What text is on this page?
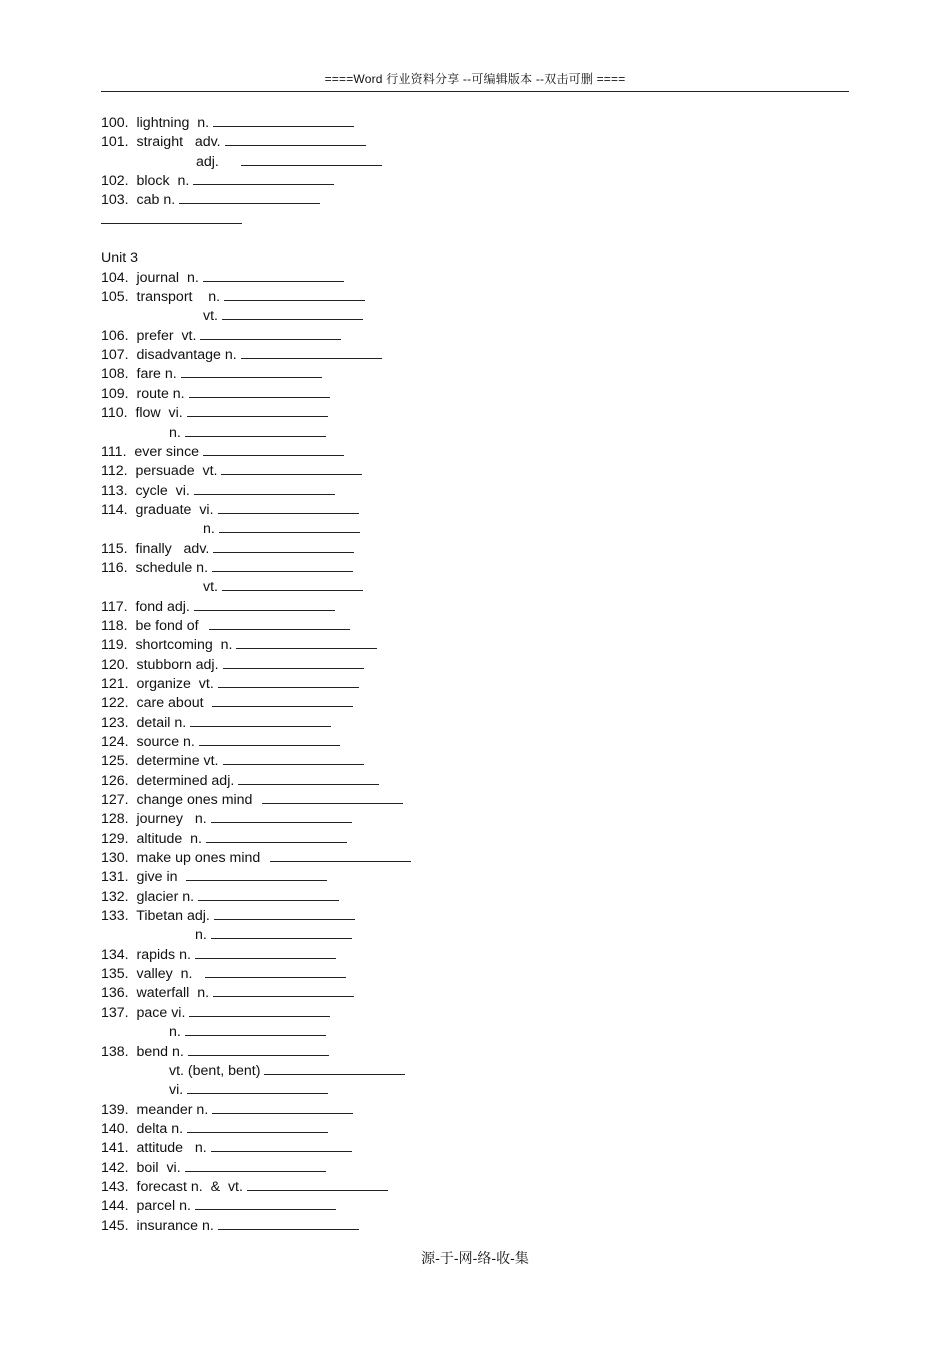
====Word 行业资料分享 --可编辑版本 --双击可删 ====
100.  lightning  n.
101.  straight   adv.
adj.
102.  block  n.
103.  cab n.
Unit 3
104.  journal  n.
105.  transport    n.
vt.
106.  prefer  vt.
107.  disadvantage n.
108.  fare n.
109.  route n.
110.  flow  vi.
n.
111.  ever since
112.  persuade  vt.
113.  cycle  vi.
114.  graduate  vi.
n.
115.  finally   adv.
116.  schedule n.
vt.
117.  fond adj.
118.  be fond of
119.  shortcoming  n.
120.  stubborn adj.
121.  organize  vt.
122.  care about
123.  detail n.
124.  source n.
125.  determine vt.
126.  determined adj.
127.  change ones mind
128.  journey   n.
129.  altitude  n.
130.  make up ones mind
131.  give in
132.  glacier n.
133.  Tibetan adj.
n.
134.  rapids n.
135.  valley  n.
136.  waterfall  n.
137.  pace vi.
n.
138.  bend n.
vt. (bent, bent)
vi.
139.  meander n.
140.  delta n.
141.  attitude   n.
142.  boil  vi.
143.  forecast n.  &  vt.
144.  parcel n.
145.  insurance n.
源-于-网-络-收-集
